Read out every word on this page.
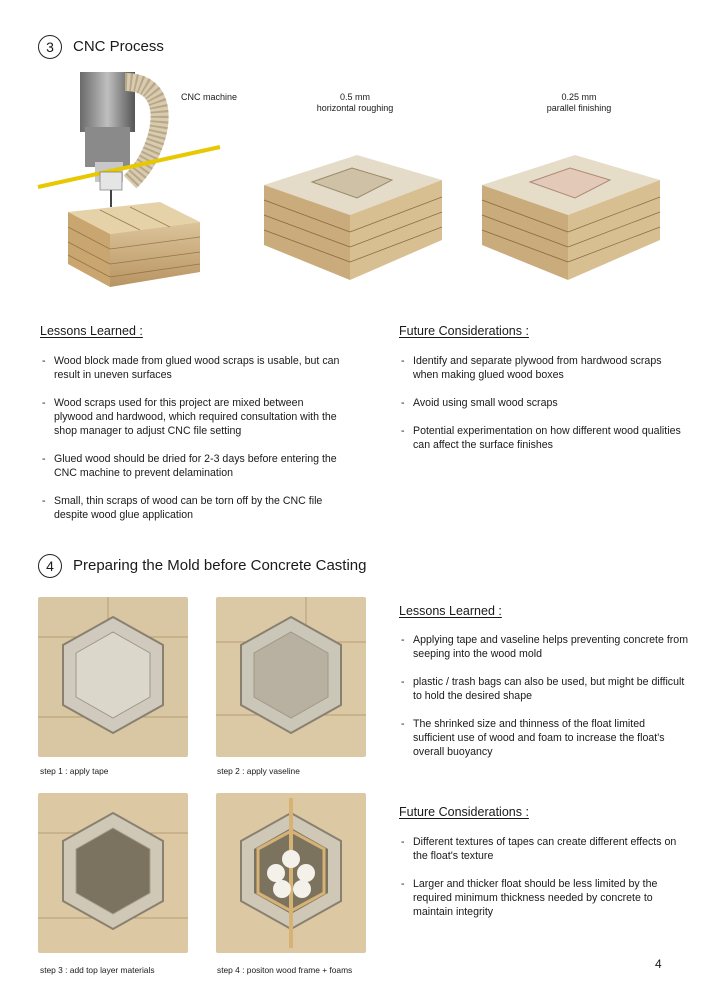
3 CNC Process
CNC machine	0.5 mm
horizontal roughing
0.25 mm
parallel finishing
Lessons Learned :
- Wood block made from glued wood scraps is usable, but can result in uneven surfaces
- Wood scraps used for this project are mixed between plywood and hardwood, which required consultation with the shop manager to adjust CNC file setting
- Glued wood should be dried for 2-3 days before entering the CNC machine to prevent delamination
- Small, thin scraps of wood can be torn off by the CNC file despite wood glue application
Future Considerations :
- Identify and separate plywood from hardwood scraps when making glued wood boxes
- Avoid using small wood scraps
- Potential experimentation on how different wood qualities can affect the surface finishes
4 Preparing the Mold before Concrete Casting
step 1 : apply tape	step 2 : apply vaseline
step 3 : add top layer materials	step 4 : positon wood frame + foams
Lessons Learned :
- Applying tape and vaseline helps preventing concrete from seeping into the wood mold
- plastic / trash bags can also be used, but might be difficult to hold the desired shape
- The shrinked size and thinness of the float limited sufficient use of wood and foam to increase the float's overall buoyancy
Future Considerations :
- Different textures of tapes can create different effects on the float's texture
- Larger and thicker float should be less limited by the required minimum thickness needed by concrete to maintain integrity
4
